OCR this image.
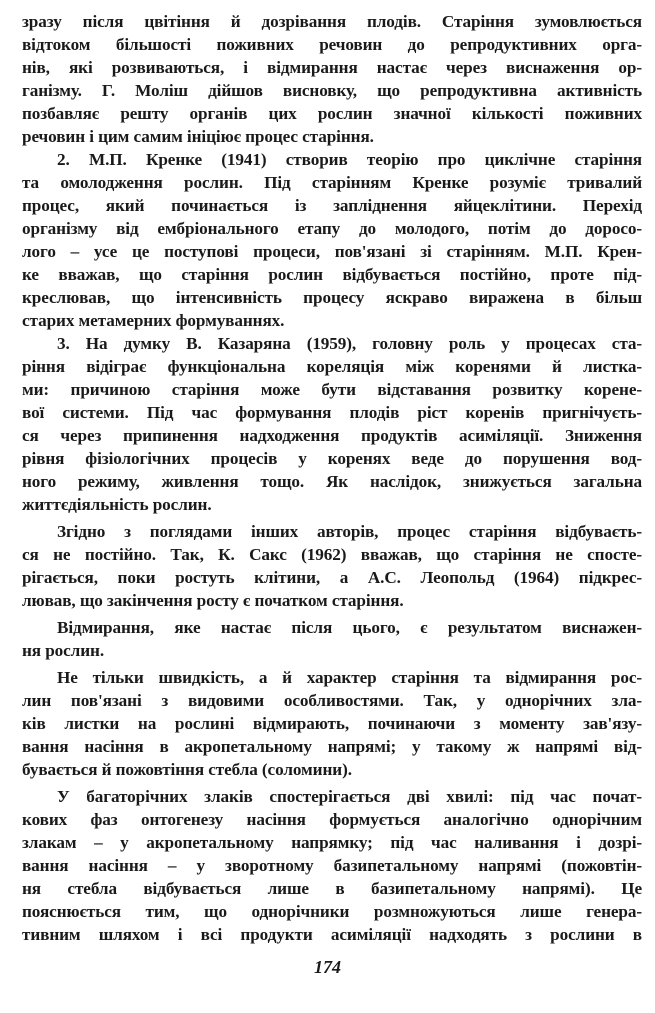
зразу після цвітіння й дозрівання плодів. Старіння зумовлюється
відтоком більшості поживних речовин до репродуктивних орга-
нів, які розвиваються, і відмирання настає через виснаження ор-
ганізму. Г. Моліш дійшов висновку, що репродуктивна активність
позбавляє решту органів цих рослин значної кількості поживних
речовин і цим самим ініціює процес старіння.
2. М.П. Кренке (1941) створив теорію про циклічне старіння
та омолодження рослин. Під старінням Кренке розуміє тривалий
процес, який починається із запліднення яйцеклітини. Перехід
організму від ембріонального етапу до молодого, потім до доросо-
лого – усе це поступові процеси, пов'язані зі старінням. М.П. Крен-
ке вважав, що старіння рослин відбувається постійно, проте під-
креслював, що інтенсивність процесу яскраво виражена в більш
старих метамерних формуваннях.
3. На думку В. Казаряна (1959), головну роль у процесах ста-
ріння відіграє функціональна кореляція між коренями й листка-
ми: причиною старіння може бути відставання розвитку корене-
вої системи. Під час формування плодів ріст коренів пригнічуєть-
ся через припинення надходження продуктів асиміляції. Зниження
рівня фізіологічних процесів у коренях веде до порушення вод-
ного режиму, живлення тощо. Як наслідок, знижується загальна
життєдіяльність рослин.
Згідно з поглядами інших авторів, процес старіння відбуваєть-
ся не постійно. Так, К. Сакс (1962) вважав, що старіння не спосте-
рігається, поки ростуть клітини, а А.С. Леопольд (1964) підкрес-
лював, що закінчення росту є початком старіння.
Відмирання, яке настає після цього, є результатом виснажен-
ня рослин.
Не тільки швидкість, а й характер старіння та відмирання рос-
лин пов'язані з видовими особливостями. Так, у однорічних зла-
ків листки на рослині відмирають, починаючи з моменту зав'язу-
вання насіння в акропетальному напрямі; у такому ж напрямі від-
бувається й пожовтіння стебла (соломини).
У багаторічних злаків спостерігається дві хвилі: під час почат-
кових фаз онтогенезу насіння формується аналогічно однорічним
злакам – у акропетальному напрямку; під час наливання і дозрі-
вання насіння – у зворотному базипетальному напрямі (пожовтін-
ня стебла відбувається лише в базипетальному напрямі). Це
пояснюється тим, що однорічники розмножуються лише генера-
тивним шляхом і всі продукти асиміляції надходять з рослини в
174
